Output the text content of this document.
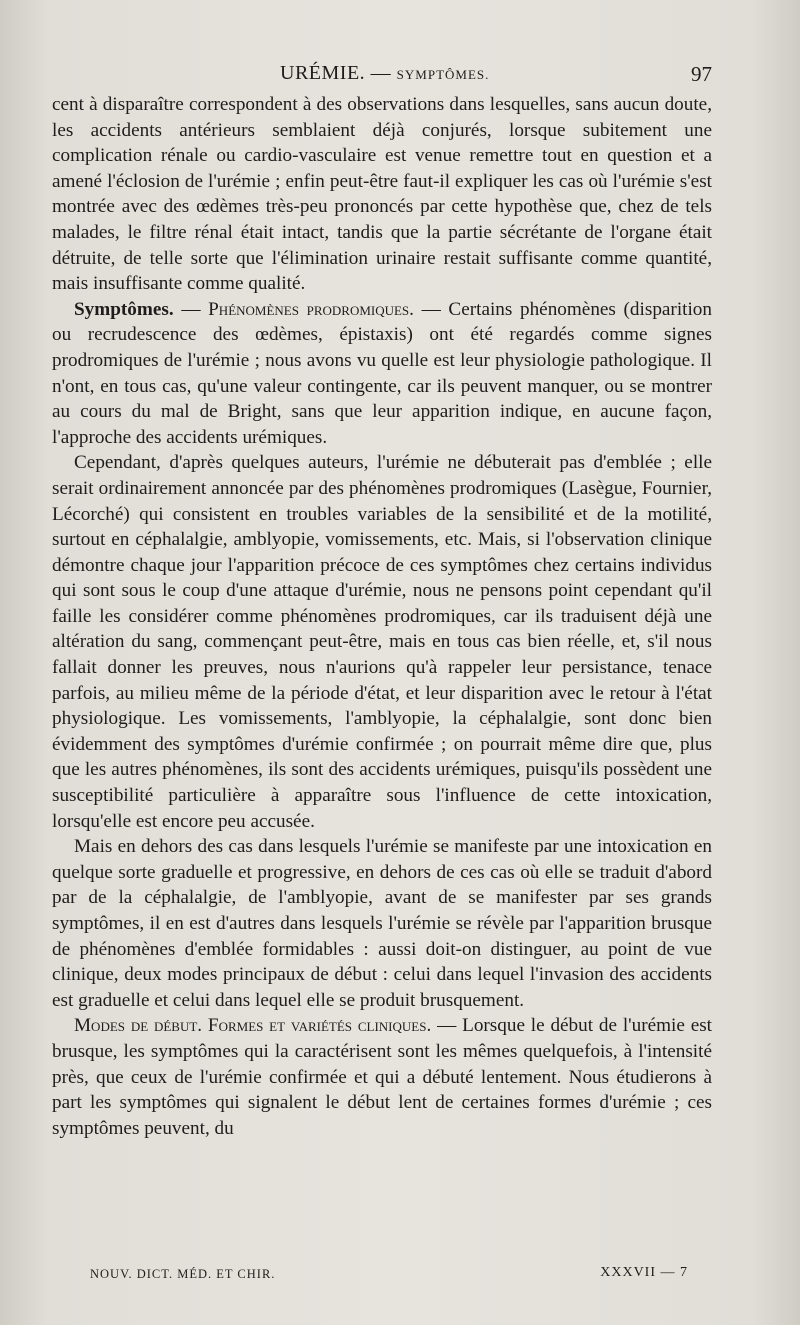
URÉMIE. — SYMPTÔMES.	97

cent à disparaître correspondent à des observations dans lesquelles, sans aucun doute, les accidents antérieurs semblaient déjà conjurés, lorsque subitement une complication rénale ou cardio-vasculaire est venue remettre tout en question et a amené l'éclosion de l'urémie ; enfin peut-être faut-il expliquer les cas où l'urémie s'est montrée avec des œdèmes très-peu prononcés par cette hypothèse que, chez de tels malades, le filtre rénal était intact, tandis que la partie sécrétante de l'organe était détruite, de telle sorte que l'élimination urinaire restait suffisante comme quantité, mais insuffisante comme qualité.

Symptômes. — Phénomènes prodromiques. — Certains phénomènes (disparition ou recrudescence des œdèmes, épistaxis) ont été regardés comme signes prodromiques de l'urémie ; nous avons vu quelle est leur physiologie pathologique. Il n'ont, en tous cas, qu'une valeur contingente, car ils peuvent manquer, ou se montrer au cours du mal de Bright, sans que leur apparition indique, en aucune façon, l'approche des accidents urémiques.

Cependant, d'après quelques auteurs, l'urémie ne débuterait pas d'emblée ; elle serait ordinairement annoncée par des phénomènes prodromiques (Lasègue, Fournier, Lécorché) qui consistent en troubles variables de la sensibilité et de la motilité, surtout en céphalalgie, amblyopie, vomissements, etc. Mais, si l'observation clinique démontre chaque jour l'apparition précoce de ces symptômes chez certains individus qui sont sous le coup d'une attaque d'urémie, nous ne pensons point cependant qu'il faille les considérer comme phénomènes prodromiques, car ils traduisent déjà une altération du sang, commençant peut-être, mais en tous cas bien réelle, et, s'il nous fallait donner les preuves, nous n'aurions qu'à rappeler leur persistance, tenace parfois, au milieu même de la période d'état, et leur disparition avec le retour à l'état physiologique. Les vomissements, l'amblyopie, la céphalalgie, sont donc bien évidemment des symptômes d'urémie confirmée ; on pourrait même dire que, plus que les autres phénomènes, ils sont des accidents urémiques, puisqu'ils possèdent une susceptibilité particulière à apparaître sous l'influence de cette intoxication, lorsqu'elle est encore peu accusée.

Mais en dehors des cas dans lesquels l'urémie se manifeste par une intoxication en quelque sorte graduelle et progressive, en dehors de ces cas où elle se traduit d'abord par de la céphalalgie, de l'amblyopie, avant de se manifester par ses grands symptômes, il en est d'autres dans lesquels l'urémie se révèle par l'apparition brusque de phénomènes d'emblée formidables : aussi doit-on distinguer, au point de vue clinique, deux modes principaux de début : celui dans lequel l'invasion des accidents est graduelle et celui dans lequel elle se produit brusquement.

Modes de début. Formes et variétés cliniques. — Lorsque le début de l'urémie est brusque, les symptômes qui la caractérisent sont les mêmes quelquefois, à l'intensité près, que ceux de l'urémie confirmée et qui a débuté lentement. Nous étudierons à part les symptômes qui signalent le début lent de certaines formes d'urémie ; ces symptômes peuvent, du

NOUV. DICT. MÉD. ET CHIR.	XXXVII — 7
